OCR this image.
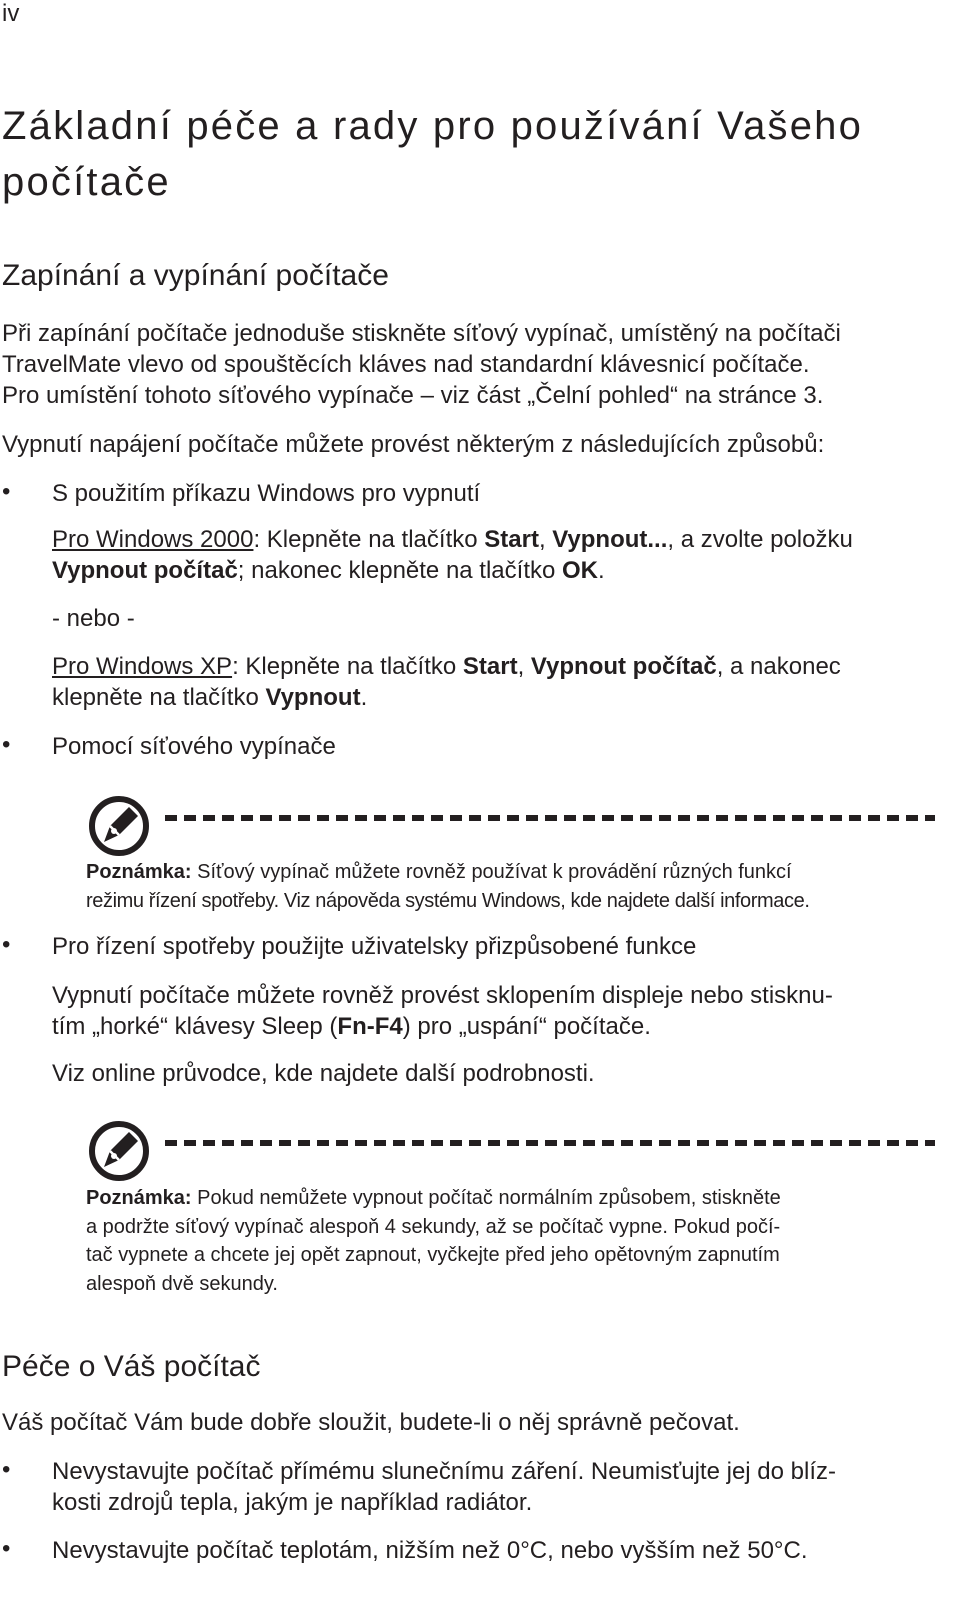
iv
Základní péče a rady pro používání Vašeho počítače
Zapínání a vypínání počítače
Při zapínání počítače jednoduše stiskněte síťový vypínač, umístěný na počítači
TravelMate vlevo od spouštěcích kláves nad standardní klávesnicí počítače.
Pro umístění tohoto síťového vypínače – viz část „Čelní pohled“ na stránce 3.
Vypnutí napájení počítače můžete provést některým z následujících způsobů:
• S použitím příkazu Windows pro vypnutí
Pro Windows 2000: Klepněte na tlačítko Start, Vypnout..., a zvolte položku
Vypnout počítač; nakonec klepněte na tlačítko OK.
- nebo -
Pro Windows XP: Klepněte na tlačítko Start, Vypnout počítač, a nakonec
klepněte na tlačítko Vypnout.
• Pomocí síťového vypínače
Poznámka: Síťový vypínač můžete rovněž používat k provádění různých funkcí
režimu řízení spotřeby. Viz nápověda systému Windows, kde najdete další informace.
• Pro řízení spotřeby použijte uživatelsky přizpůsobené funkce
Vypnutí počítače můžete rovněž provést sklopením displeje nebo stisknu-
tím „horké“ klávesy Sleep (Fn-F4) pro „uspání“ počítače.
Viz online průvodce, kde najdete další podrobnosti.
Poznámka: Pokud nemůžete vypnout počítač normálním způsobem, stiskněte
a podržte síťový vypínač alespoň 4 sekundy, až se počítač vypne. Pokud počí-
tač vypnete a chcete jej opět zapnout, vyčkejte před jeho opětovným zapnutím
alespoň dvě sekundy.
Péče o Váš počítač
Váš počítač Vám bude dobře sloužit, budete-li o něj správně pečovat.
• Nevystavujte počítač přímému slunečnímu záření. Neumisťujte jej do blíz-
kosti zdrojů tepla, jakým je například radiátor.
• Nevystavujte počítač teplotám, nižším než 0°C, nebo vyšším než 50°C.
